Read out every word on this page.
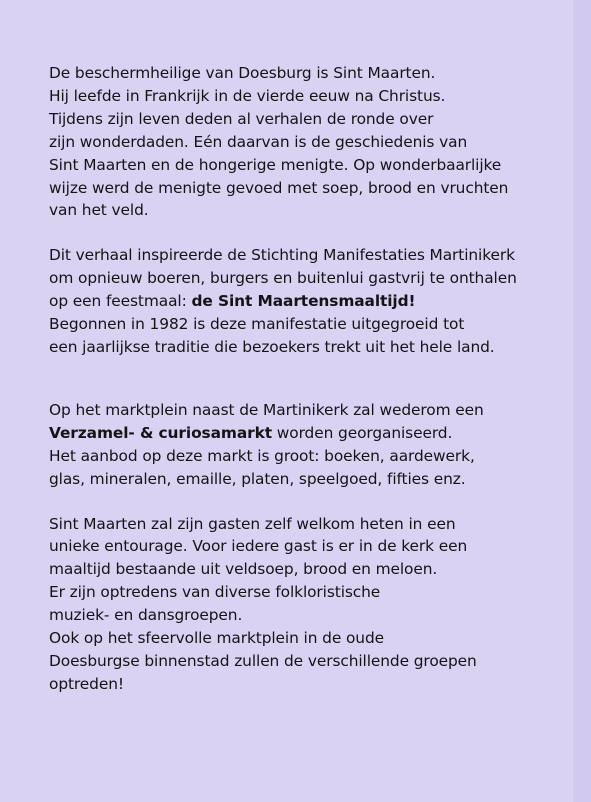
De beschermheilige van Doesburg is Sint Maarten.
Hij leefde in Frankrijk in de vierde eeuw na Christus.
Tijdens zijn leven deden al verhalen de ronde over
zijn wonderdaden. Eén daarvan is de geschiedenis van
Sint Maarten en de hongerige menigte. Op wonderbaarlijke
wijze werd de menigte gevoed met soep, brood en vruchten
van het veld.

Dit verhaal inspireerde de Stichting Manifestaties Martinikerk
om opnieuw boeren, burgers en buitenlui gastvrij te onthalen
op een feestmaal: de Sint Maartensmaaltijd!
Begonnen in 1982 is deze manifestatie uitgegroeid tot
een jaarlijkse traditie die bezoekers trekt uit het hele land.

Op het marktplein naast de Martinikerk zal wederom een
Verzamel- & curiosamarkt worden georganiseerd.
Het aanbod op deze markt is groot: boeken, aardewerk,
glas, mineralen, emaille, platen, speelgoed, fifties enz.

Sint Maarten zal zijn gasten zelf welkom heten in een
unieke entourage. Voor iedere gast is er in de kerk een
maaltijd bestaande uit veldsoep, brood en meloen.
Er zijn optredens van diverse folkloristische
muziek- en dansgroepen.
Ook op het sfeervolle marktplein in de oude
Doesburgse binnenstad zullen de verschillende groepen
optreden!
